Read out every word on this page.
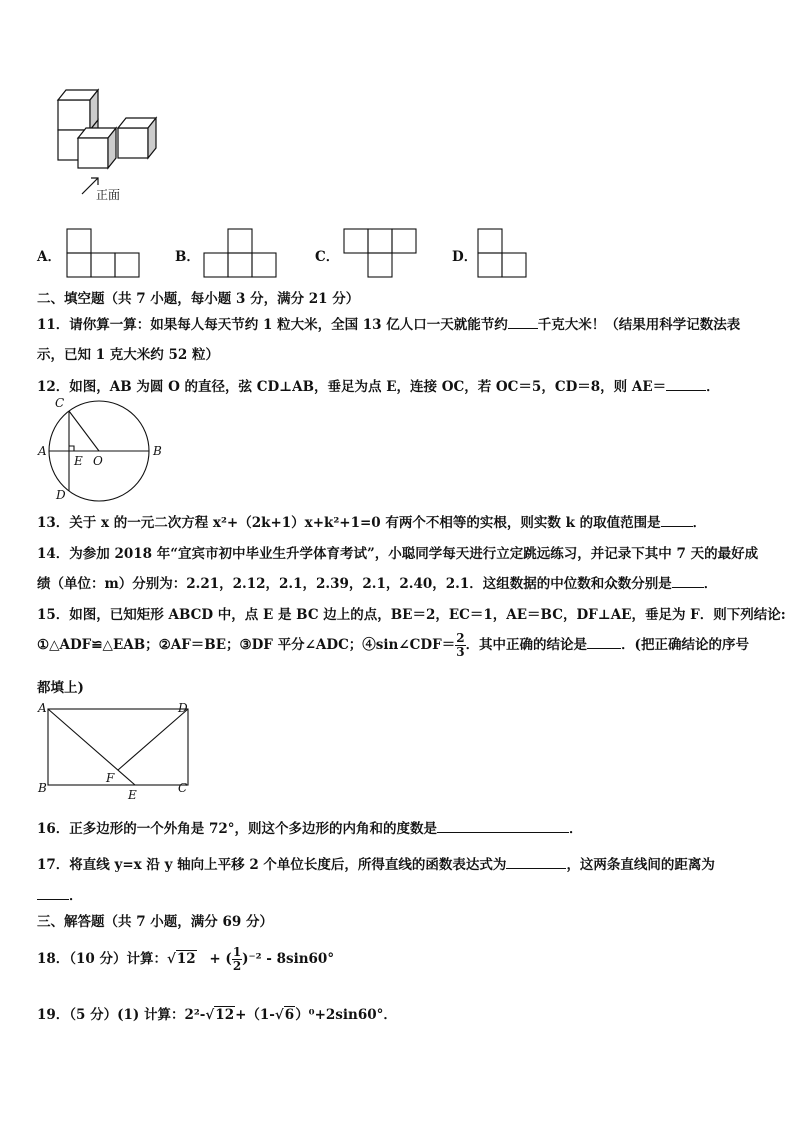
正面
A．	B．	C．	D．
二、填空题（共 7 小题，每小题 3 分，满分 21 分）
11．请你算一算：如果每人每天节约 1 粒大米，全国 13 亿人口一天就能节约 千克大米！（结果用科学记数法表
示，已知 1 克大米约 52 粒）
12．如图，AB 为圆 O 的直径，弦 CD⊥AB，垂足为点 E，连接 OC，若 OC＝5，CD＝8，则 AE＝	．
C
A
E O
B
D
13．关于 x 的一元二次方程 x²+（2k+1）x+k²+1=0 有两个不相等的实根，则实数 k 的取值范围是 ．
14．为参加 2018 年“宜宾市初中毕业生升学体育考试”，小聪同学每天进行立定跳远练习，并记录下其中 7 天的最好成
绩（单位：m）分别为：2.21，2.12，2.1，2.39，2.1，2.40，2.1．这组数据的中位数和众数分别是 ．
15．如图，已知矩形 ABCD 中，点 E 是 BC 边上的点，BE＝2，EC＝1，AE＝BC，DF⊥AE，垂足为 F．则下列结论:
①△ADF≌△EAB；②AF＝BE；③DF 平分∠ADC；④sin∠CDF＝ $\frac{2}{3}$ ．其中正确的结论是	．(把正确结论的序号
都填上)
A	D
B
F
E	C
16．正多边形的一个外角是 72°，则这个多边形的内角和的度数是	．
17．将直线 y=x 沿 y 轴向上平移 2 个单位长度后，所得直线的函数表达式为	，这两条直线间的距离为
．
三、解答题（共 7 小题，满分 69 分）
18．（10 分）计算：√12 + ( $\frac{1}{2} )^{-2} - 8\sin 60^\circ$
19．（5 分）(1) 计算：2²-√12+（1-√6）⁰+2sin60°．
